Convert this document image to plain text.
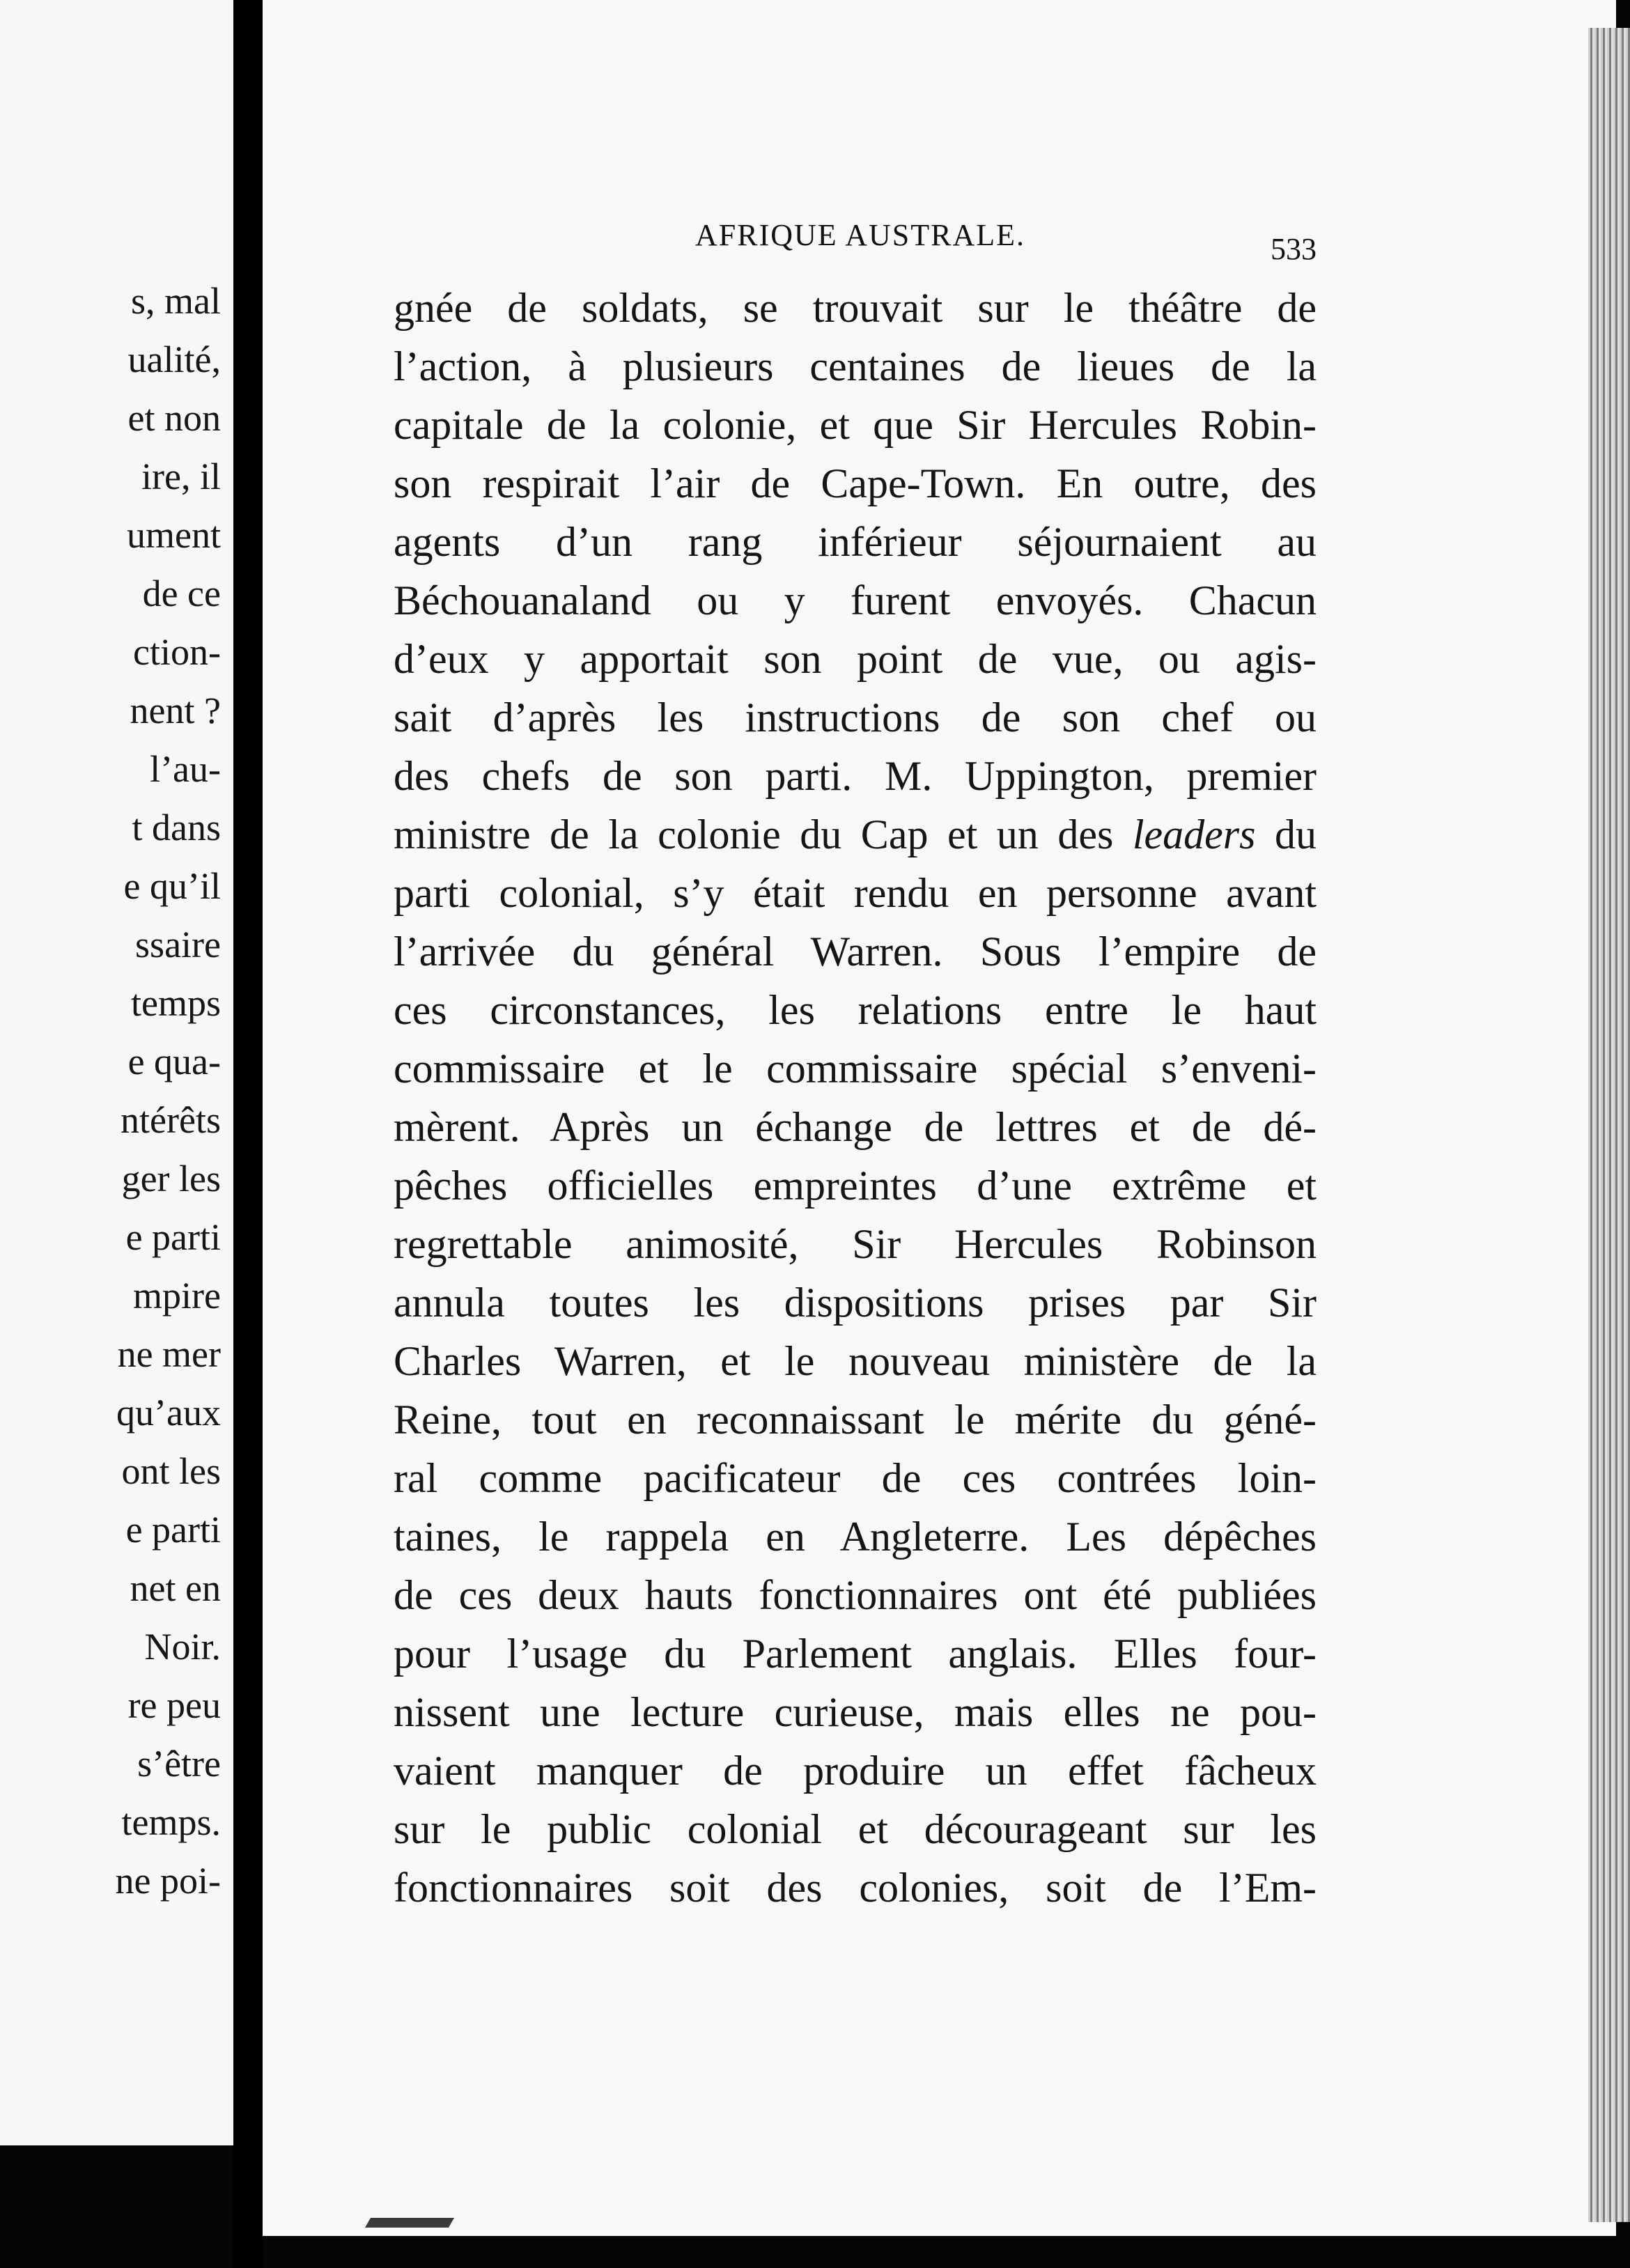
s, mal
ualité,
et non
ire, il
ument
de ce
ction-
nent ?
l’au-
t dans
e qu’il
ssaire
temps
e qua-
ntérêts
ger les
e parti
mpire
ne mer
qu’aux
ont les
e parti
net en
Noir.
re peu
s’être
temps.
ne poi-
AFRIQUE AUSTRALE.	533
gnée de soldats, se trouvait sur le théâtre de
l’action, à plusieurs centaines de lieues de la
capitale de la colonie, et que Sir Hercules Robin-
son respirait l’air de Cape-Town. En outre, des
agents d’un rang inférieur séjournaient au
Béchouanaland ou y furent envoyés. Chacun
d’eux y apportait son point de vue, ou agis-
sait d’après les instructions de son chef ou
des chefs de son parti. M. Uppington, premier
ministre de la colonie du Cap et un des leaders du
parti colonial, s’y était rendu en personne avant
l’arrivée du général Warren. Sous l’empire de
ces circonstances, les relations entre le haut
commissaire et le commissaire spécial s’enveni-
mèrent. Après un échange de lettres et de dé-
pêches officielles empreintes d’une extrême et
regrettable animosité, Sir Hercules Robinson
annula toutes les dispositions prises par Sir
Charles Warren, et le nouveau ministère de la
Reine, tout en reconnaissant le mérite du géné-
ral comme pacificateur de ces contrées loin-
taines, le rappela en Angleterre. Les dépêches
de ces deux hauts fonctionnaires ont été publiées
pour l’usage du Parlement anglais. Elles four-
nissent une lecture curieuse, mais elles ne pou-
vaient manquer de produire un effet fâcheux
sur le public colonial et décourageant sur les
fonctionnaires soit des colonies, soit de l’Em-
